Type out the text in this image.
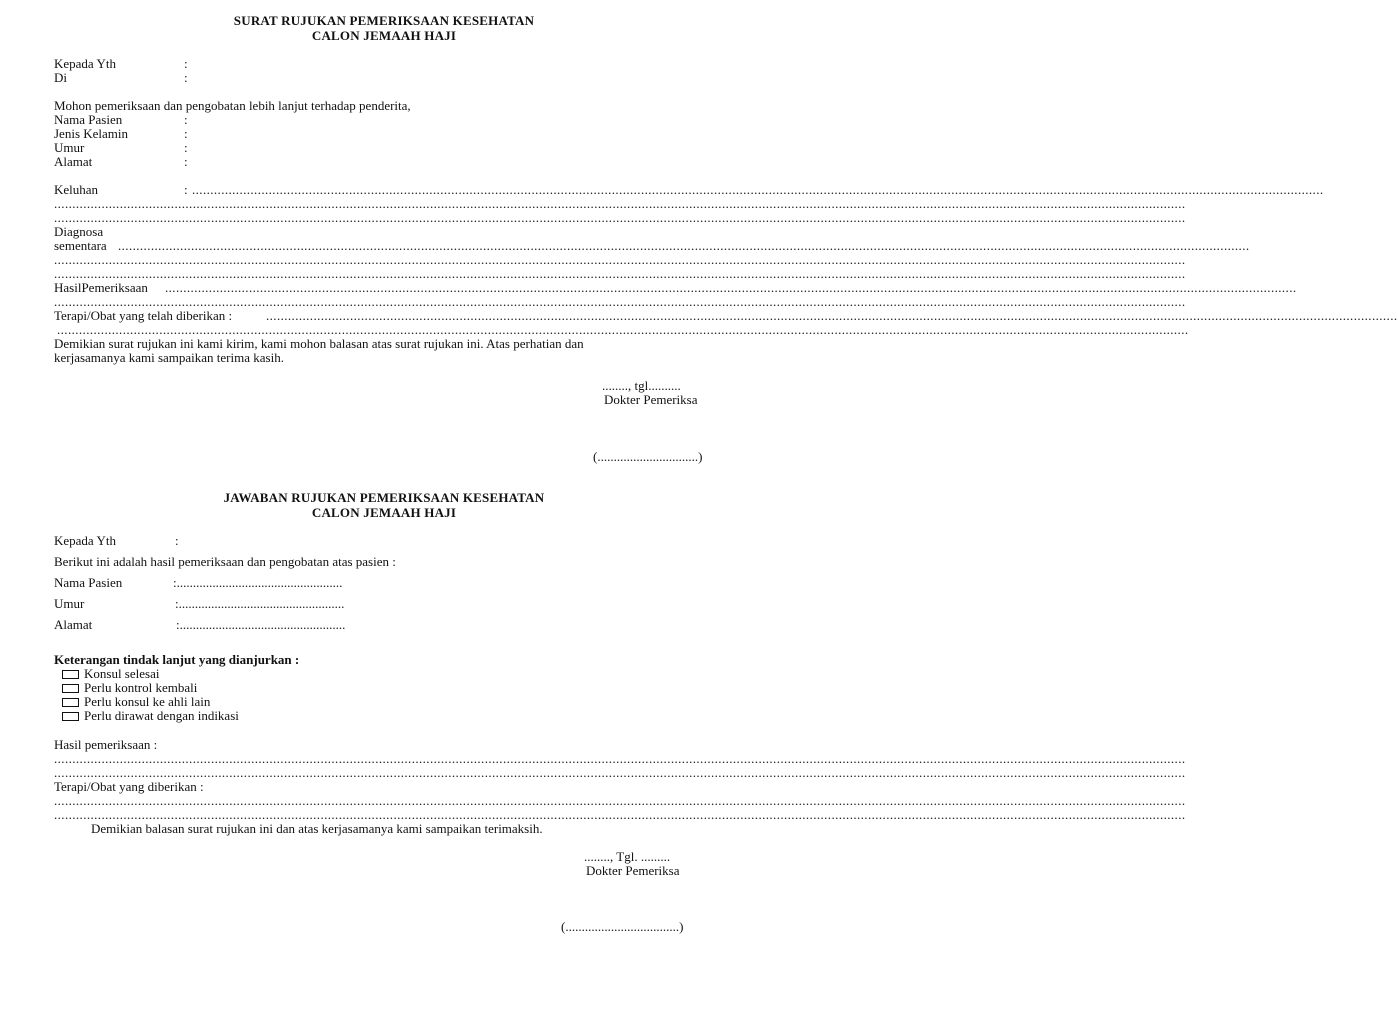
SURAT RUJUKAN PEMERIKSAAN KESEHATAN
CALON JEMAAH HAJI
Kepada Yth	:
Di	:
Mohon pemeriksaan dan pengobatan lebih lanjut terhadap penderita,
Nama Pasien	:
Jenis Kelamin	:
Umur	:
Alamat	:
Keluhan	: ......................................................................................................................................................................................................................................................................................................................
......................................................................................................................................................................................................................................................................................................................
......................................................................................................................................................................................................................................................................................................................
Diagnosa
sementara ......................................................................................................................................................................................................................................................................................................................
......................................................................................................................................................................................................................................................................................................................
......................................................................................................................................................................................................................................................................................................................
HasilPemeriksaan ......................................................................................................................................................................................................................................................................................................................
......................................................................................................................................................................................................................................................................................................................
Terapi/Obat yang telah diberikan :	......................................................................................................................................................................................................................................................................................................................
......................................................................................................................................................................................................................................................................................................................
Demikian surat rujukan ini kami kirim, kami mohon balasan atas surat rujukan ini. Atas perhatian dan
kerjasamanya kami sampaikan terima kasih.
........, tgl..........
Dokter Pemeriksa
(...............................)
JAWABAN RUJUKAN PEMERIKSAAN KESEHATAN
CALON JEMAAH HAJI
Kepada Yth	:
Berikut ini adalah hasil pemeriksaan dan pengobatan atas pasien :
Nama Pasien	:...................................................
Umur	:...................................................
Alamat	:...................................................
Keterangan tindak lanjut yang dianjurkan :
Konsul selesai
Perlu kontrol kembali
Perlu konsul ke ahli lain
Perlu dirawat dengan indikasi
Hasil pemeriksaan :
......................................................................................................................................................................................................................................................................................................................
......................................................................................................................................................................................................................................................................................................................
Terapi/Obat yang diberikan :
......................................................................................................................................................................................................................................................................................................................
......................................................................................................................................................................................................................................................................................................................
Demikian balasan surat rujukan ini dan atas kerjasamanya kami sampaikan terimaksih.
........, Tgl. .........
Dokter Pemeriksa
(...................................)
